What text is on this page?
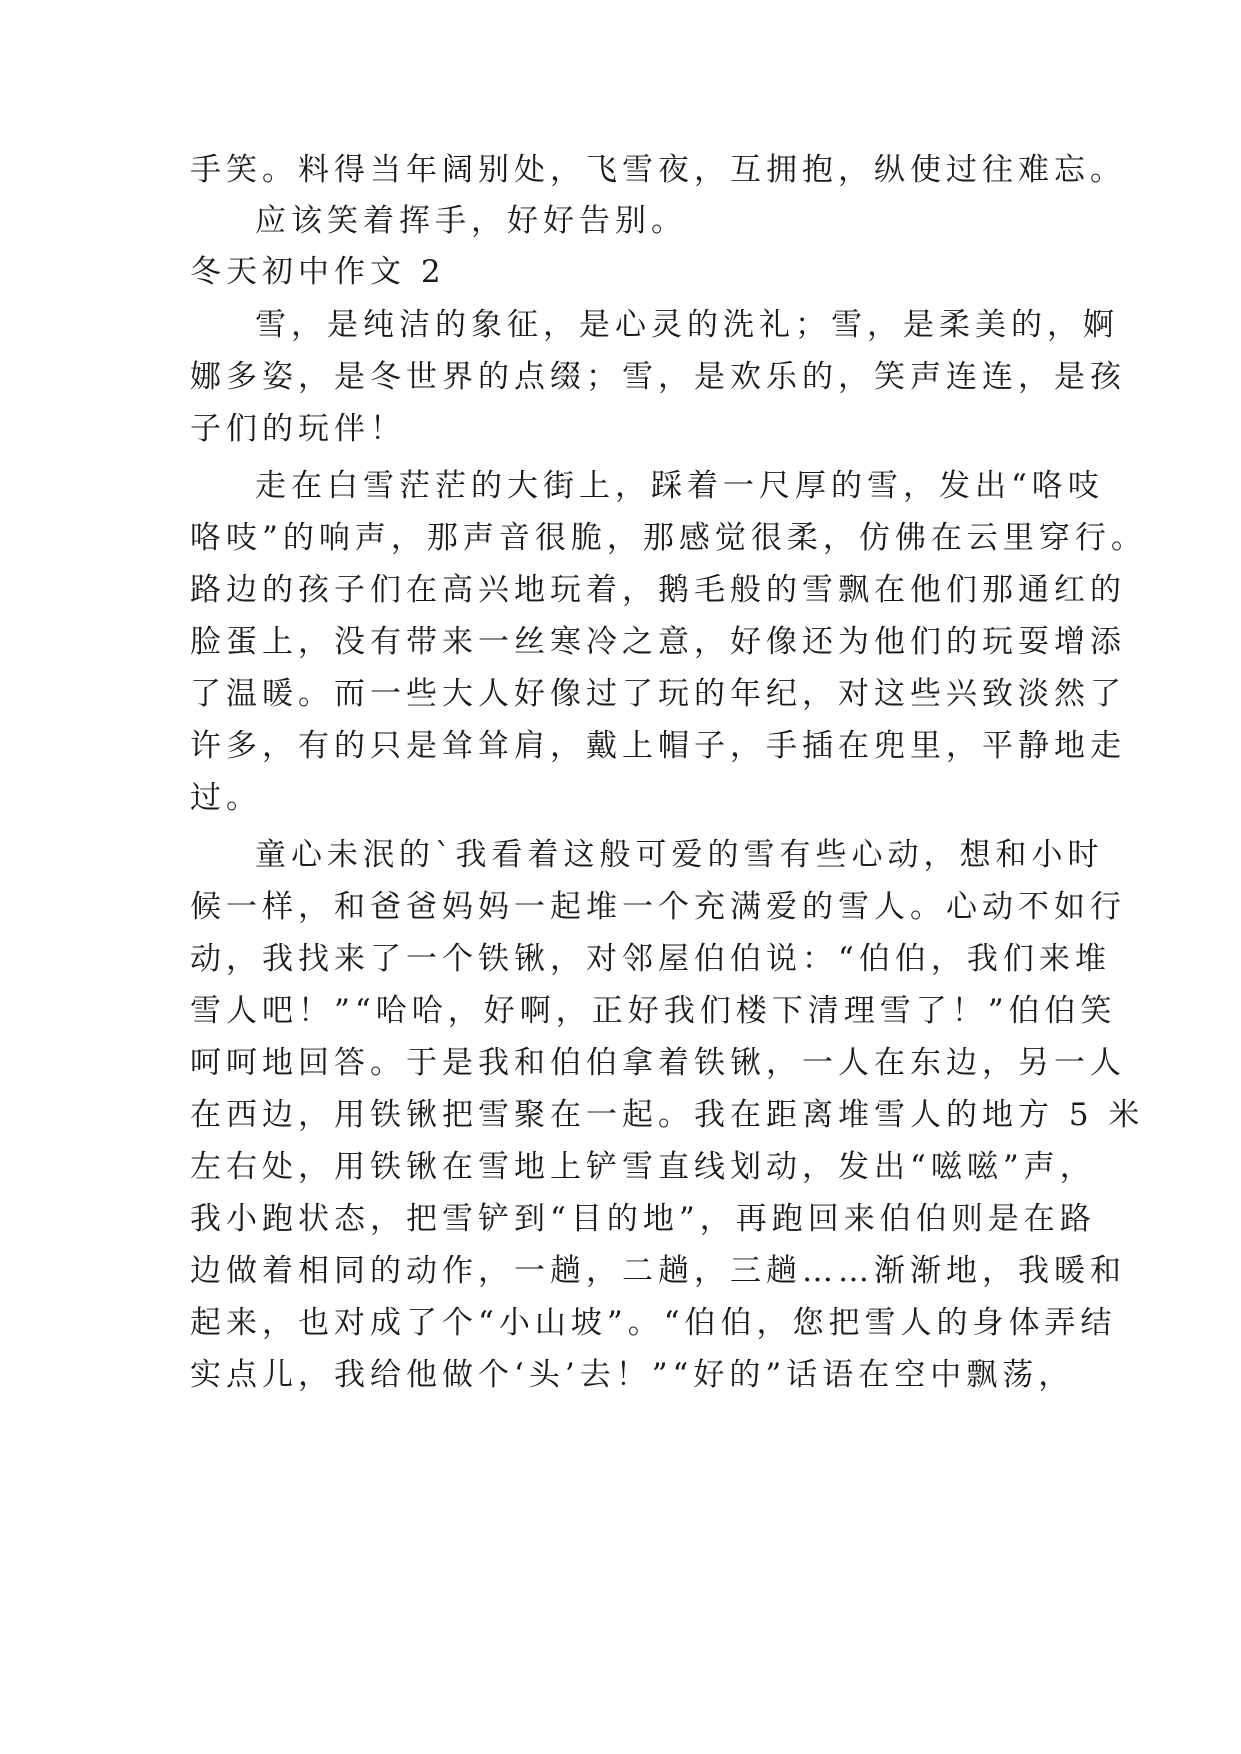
手笑。料得当年阔别处，飞雪夜，互拥抱，纵使过往难忘。
应该笑着挥手，好好告别。
冬天初中作文 2
雪，是纯洁的象征，是心灵的洗礼；雪，是柔美的，婀
娜多姿，是冬世界的点缀；雪，是欢乐的，笑声连连，是孩
子们的玩伴！
走在白雪茫茫的大街上，踩着一尺厚的雪，发出“咯吱
咯吱”的响声，那声音很脆，那感觉很柔，仿佛在云里穿行。
路边的孩子们在高兴地玩着，鹅毛般的雪飘在他们那通红的
脸蛋上，没有带来一丝寒冷之意，好像还为他们的玩耍增添
了温暖。而一些大人好像过了玩的年纪，对这些兴致淡然了
许多，有的只是耸耸肩，戴上帽子，手插在兜里，平静地走
过。
童心未泯的`我看着这般可爱的雪有些心动，想和小时
候一样，和爸爸妈妈一起堆一个充满爱的雪人。心动不如行
动，我找来了一个铁锹，对邻屋伯伯说：“伯伯，我们来堆
雪人吧！”“哈哈，好啊，正好我们楼下清理雪了！”伯伯笑
呵呵地回答。于是我和伯伯拿着铁锹，一人在东边，另一人
在西边，用铁锹把雪聚在一起。我在距离堆雪人的地方 5 米
左右处，用铁锹在雪地上铲雪直线划动，发出“嗞嗞”声，
我小跑状态，把雪铲到“目的地”，再跑回来伯伯则是在路
边做着相同的动作，一趟，二趟，三趟……渐渐地，我暖和
起来，也对成了个“小山坡”。“伯伯，您把雪人的身体弄结
实点儿，我给他做个‘头’去！”“好的”话语在空中飘荡，
